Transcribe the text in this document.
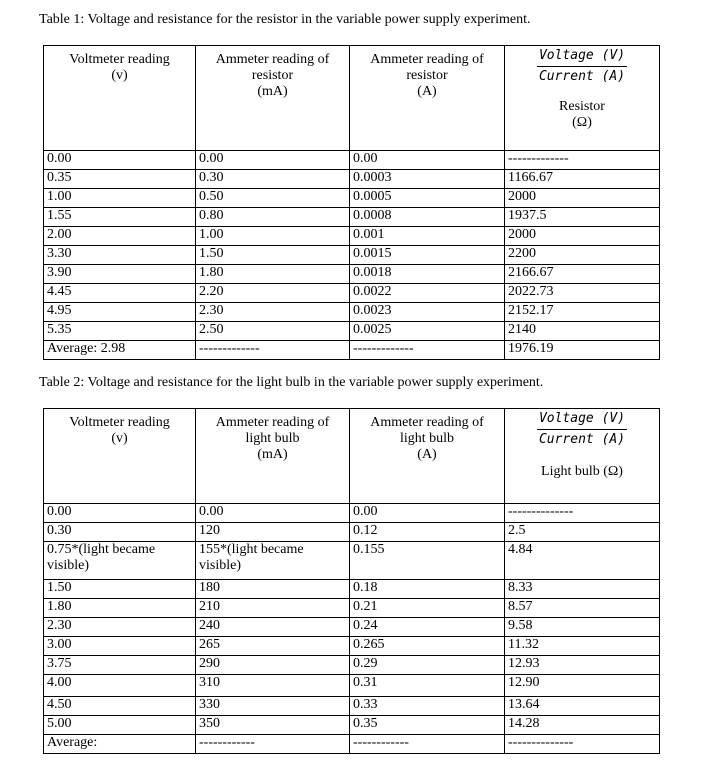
Table 1: Voltage and resistance for the resistor in the variable power supply experiment.
Voltmeter reading
(v)	Ammeter reading of
resistor
(mA)	Ammeter reading of
resistor
(A)	$\frac{\text{Voltage (V)}}{\text{Current (A)}}$
Resistor
(Ω)

0.00	0.00	0.00	-------------
0.35	0.30	0.0003	1166.67
1.00	0.50	0.0005	2000
1.55	0.80	0.0008	1937.5
2.00	1.00	0.001	2000
3.30	1.50	0.0015	2200
3.90	1.80	0.0018	2166.67
4.45	2.20	0.0022	2022.73
4.95	2.30	0.0023	2152.17
5.35	2.50	0.0025	2140
Average: 2.98	-------------	-------------	1976.19
Table 2: Voltage and resistance for the light bulb in the variable power supply experiment.
Voltmeter reading
(v)	Ammeter reading of
light bulb
(mA)	Ammeter reading of
light bulb
(A)	$\frac{\text{Voltage (V)}}{\text{Current (A)}}$
Light bulb (Ω)

0.00	0.00	0.00	--------------
0.30	120	0.12	2.5
0.75*(light became visible)	155*(light became visible)	0.155	4.84
1.50	180	0.18	8.33
1.80	210	0.21	8.57
2.30	240	0.24	9.58
3.00	265	0.265	11.32
3.75	290	0.29	12.93
4.00	310	0.31	12.90
4.50	330	0.33	13.64
5.00	350	0.35	14.28
Average:	------------	------------	--------------
